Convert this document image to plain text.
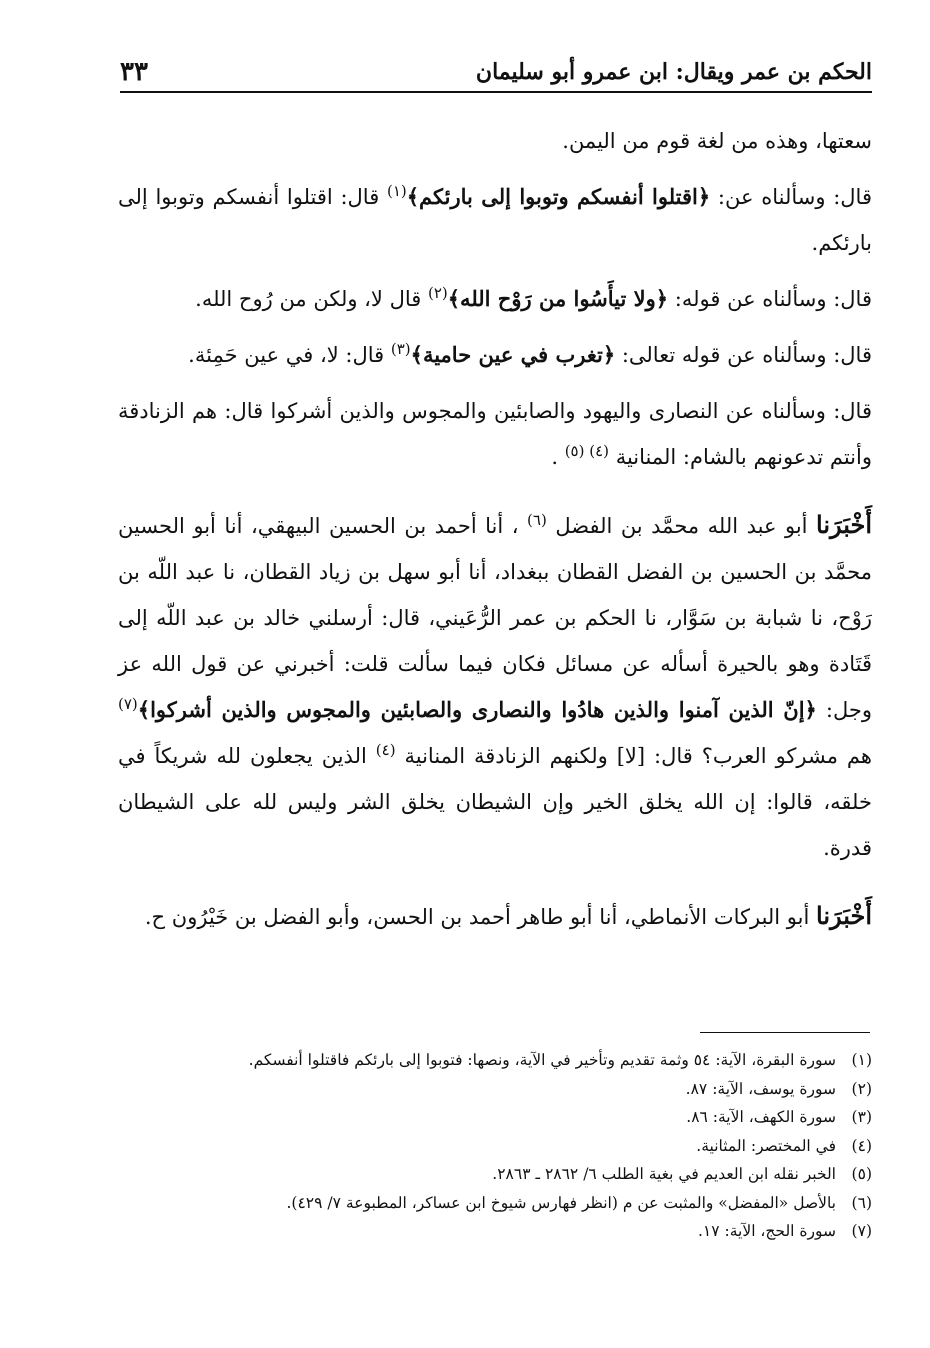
الحكم بن عمر ويقال: ابن عمرو أبو سليمان
٣٣

سعتها، وهذه من لغة قوم من اليمن.

قال: وسألناه عن: ﴿اقتلوا أنفسكم وتوبوا إلى بارئكم﴾$^{(١)}$ قال: اقتلوا أنفسكم وتوبوا إلى بارئكم.

قال: وسألناه عن قوله: ﴿ولا تيأَسُوا من رَوْح الله﴾$^{(٢)}$ قال لا، ولكن من رُوح الله.

قال: وسألناه عن قوله تعالى: ﴿تغرب في عين حامية﴾$^{(٣)}$ قال: لا، في عين حَمِئة.

قال: وسألناه عن النصارى واليهود والصابئين والمجوس والذين أشركوا قال: هم الزنادقة وأنتم تدعونهم بالشام: المنانية $^{(٤) (٥)}$ .

أَخْبَرَنا أبو عبد الله محمَّد بن الفضل $^{(٦)}$ ، أنا أحمد بن الحسين البيهقي، أنا أبو الحسين محمَّد بن الحسين بن الفضل القطان ببغداد، أنا أبو سهل بن زياد القطان، نا عبد اللّه بن رَوْح، نا شبابة بن سَوَّار، نا الحكم بن عمر الرُّعَيني، قال: أرسلني خالد بن عبد اللّه إلى قَتَادة وهو بالحيرة أسأله عن مسائل فكان فيما سألت قلت: أخبرني عن قول الله عز وجل: ﴿إنّ الذين آمنوا والذين هادُوا والنصارى والصابئين والمجوس والذين أشركوا﴾$^{(٧)}$ هم مشركو العرب؟ قال: [لا] ولكنهم الزنادقة المنانية $^{(٤)}$ الذين يجعلون لله شريكاً في خلقه، قالوا: إن الله يخلق الخير وإن الشيطان يخلق الشر وليس لله على الشيطان قدرة.

أَخْبَرَنا أبو البركات الأنماطي، أنا أبو طاهر أحمد بن الحسن، وأبو الفضل بن خَيْرُون ح.

(١)سورة البقرة، الآية: ٥٤ وثمة تقديم وتأخير في الآية، ونصها: فتوبوا إلى بارئكم فاقتلوا أنفسكم.
(٢)سورة يوسف، الآية: ٨٧.
(٣)سورة الكهف، الآية: ٨٦.
(٤)في المختصر: المثانية.
(٥)الخبر نقله ابن العديم في بغية الطلب ٦/ ٢٨٦٢ ـ ٢٨٦٣.
(٦)بالأصل «المفضل» والمثبت عن م (انظر فهارس شيوخ ابن عساكر، المطبوعة ٧/ ٤٢٩).
(٧)سورة الحج، الآية: ١٧.
